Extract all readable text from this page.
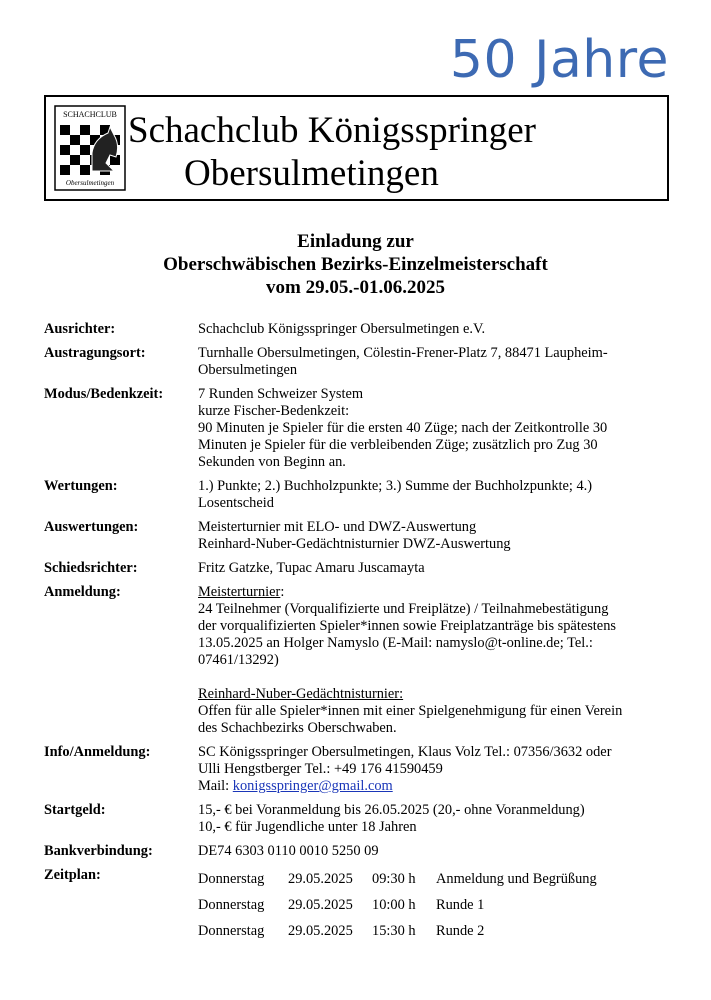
50 Jahre
SCHACHCLUB
Obersulmetingen
Schachclub Königsspringer
Obersulmetingen
Einladung zur
Oberschwäbischen Bezirks-Einzelmeisterschaft
vom 29.05.-01.06.2025
Ausrichter:	Schachclub Königsspringer Obersulmetingen e.V.
Austragungsort:	Turnhalle Obersulmetingen, Cölestin-Frener-Platz 7, 88471 Laupheim-
Obersulmetingen
Modus/Bedenkzeit:	7 Runden Schweizer System
kurze Fischer-Bedenkzeit:
90 Minuten je Spieler für die ersten 40 Züge; nach der Zeitkontrolle 30
Minuten je Spieler für die verbleibenden Züge; zusätzlich pro Zug 30
Sekunden von Beginn an.
Wertungen:	1.) Punkte; 2.) Buchholzpunkte; 3.) Summe der Buchholzpunkte; 4.)
Losentscheid
Auswertungen:	Meisterturnier mit ELO- und DWZ-Auswertung
Reinhard-Nuber-Gedächtnisturnier DWZ-Auswertung
Schiedsrichter:	Fritz Gatzke, Tupac Amaru Juscamayta
Anmeldung:	Meisterturnier:
24 Teilnehmer (Vorqualifizierte und Freiplätze) / Teilnahmebestätigung
der vorqualifizierten Spieler*innen sowie Freiplatzanträge bis spätestens
13.05.2025 an Holger Namyslo (E-Mail: namyslo@t-online.de; Tel.:
07461/13292)
Reinhard-Nuber-Gedächtnisturnier:
Offen für alle Spieler*innen mit einer Spielgenehmigung für einen Verein
des Schachbezirks Oberschwaben.
Info/Anmeldung:	SC Königsspringer Obersulmetingen, Klaus Volz Tel.: 07356/3632 oder
Ulli Hengstberger Tel.: +49 176 41590459
Mail: konigsspringer@gmail.com
Startgeld:	15,- € bei Voranmeldung bis 26.05.2025 (20,- ohne Voranmeldung)
10,- € für Jugendliche unter 18 Jahren
Bankverbindung:	DE74 6303 0110 0010 5250 09
Zeitplan:	Donnerstag	29.05.2025	09:30 h	Anmeldung und Begrüßung
Donnerstag	29.05.2025	10:00 h	Runde 1
Donnerstag	29.05.2025	15:30 h	Runde 2
